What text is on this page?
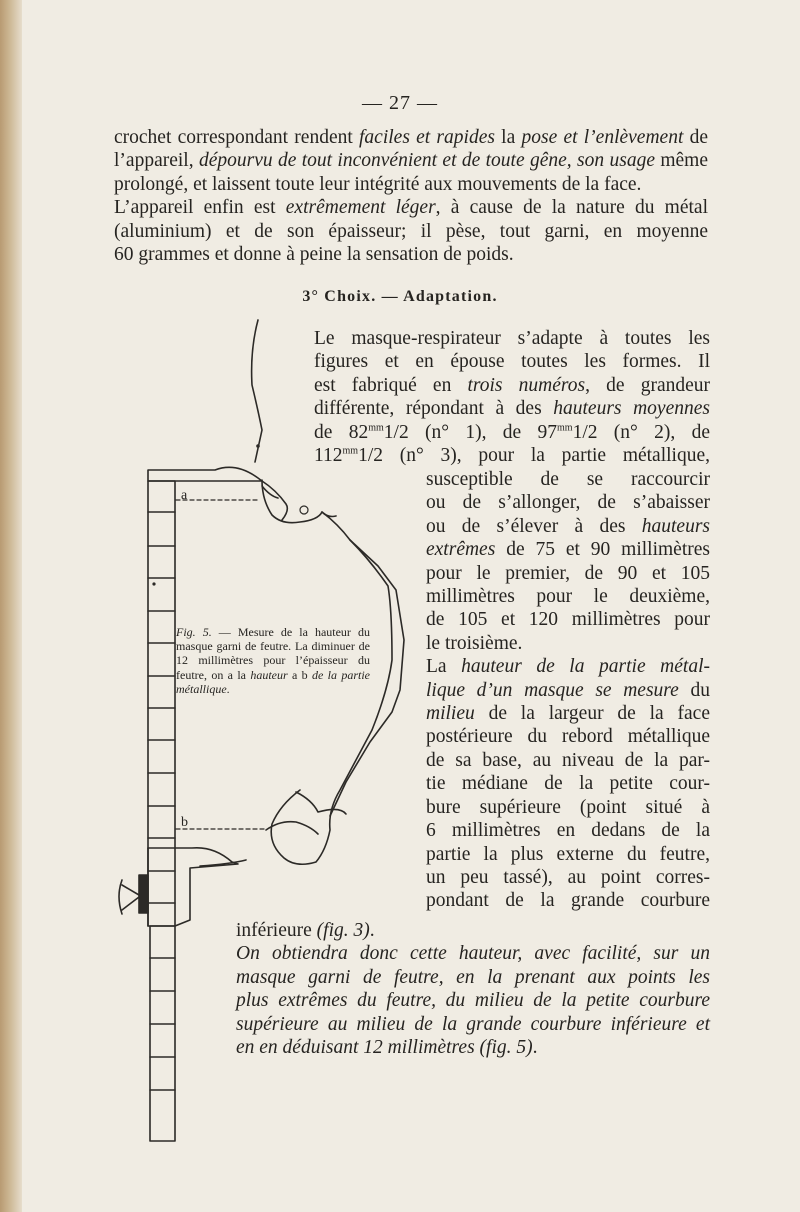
— 27 —
crochet correspondant rendent faciles et rapides la pose et l’enlèvement de
l’appareil, dépourvu de tout inconvénient et de toute gêne, son usage même
prolongé, et laissent toute leur intégrité aux mouvements de la face.
L’appareil enfin est extrêmement léger, à cause de la nature du métal
(aluminium) et de son épaisseur; il pèse, tout garni, en moyenne
60 grammes et donne à peine la sensation de poids.
3° Choix. — Adaptation.
Le masque-respirateur s’adapte à toutes les
figures et en épouse toutes les formes. Il
est fabriqué en trois numéros, de grandeur
différente, répondant à des hauteurs moyennes
de $82^{mm}1/2$ (n° 1), de $97^{mm}1/2$ (n° 2), de
$112^{mm}1/2$ (n° 3), pour la partie métallique,
susceptible de se raccourcir
ou de s’allonger, de s’abaisser
ou de s’élever à des hauteurs
extrêmes de 75 et 90 millimètres
pour le premier, de 90 et 105
millimètres pour le deuxième,
de 105 et 120 millimètres pour
le troisième.
La hauteur de la partie métal-
lique d’un masque se mesure du
milieu de la largeur de la face
postérieure du rebord métallique
de sa base, au niveau de la par-
tie médiane de la petite cour-
bure supérieure (point situé à
6 millimètres en dedans de la
partie la plus externe du feutre,
un peu tassé), au point corres-
pondant de la grande courbure
inférieure (fig. 3).
On obtiendra donc cette hauteur, avec facilité, sur un
masque garni de feutre, en la prenant aux points les
plus extrêmes du feutre, du milieu de la petite courbure
supérieure au milieu de la grande courbure inférieure et
en en déduisant 12 millimètres (fig. 5).
a
b
Fig. 5. — Mesure de la hauteur du masque garni de feutre. La diminuer de 12 millimètres pour l’épaisseur du feutre, on a la hauteur a b de la partie métallique.
